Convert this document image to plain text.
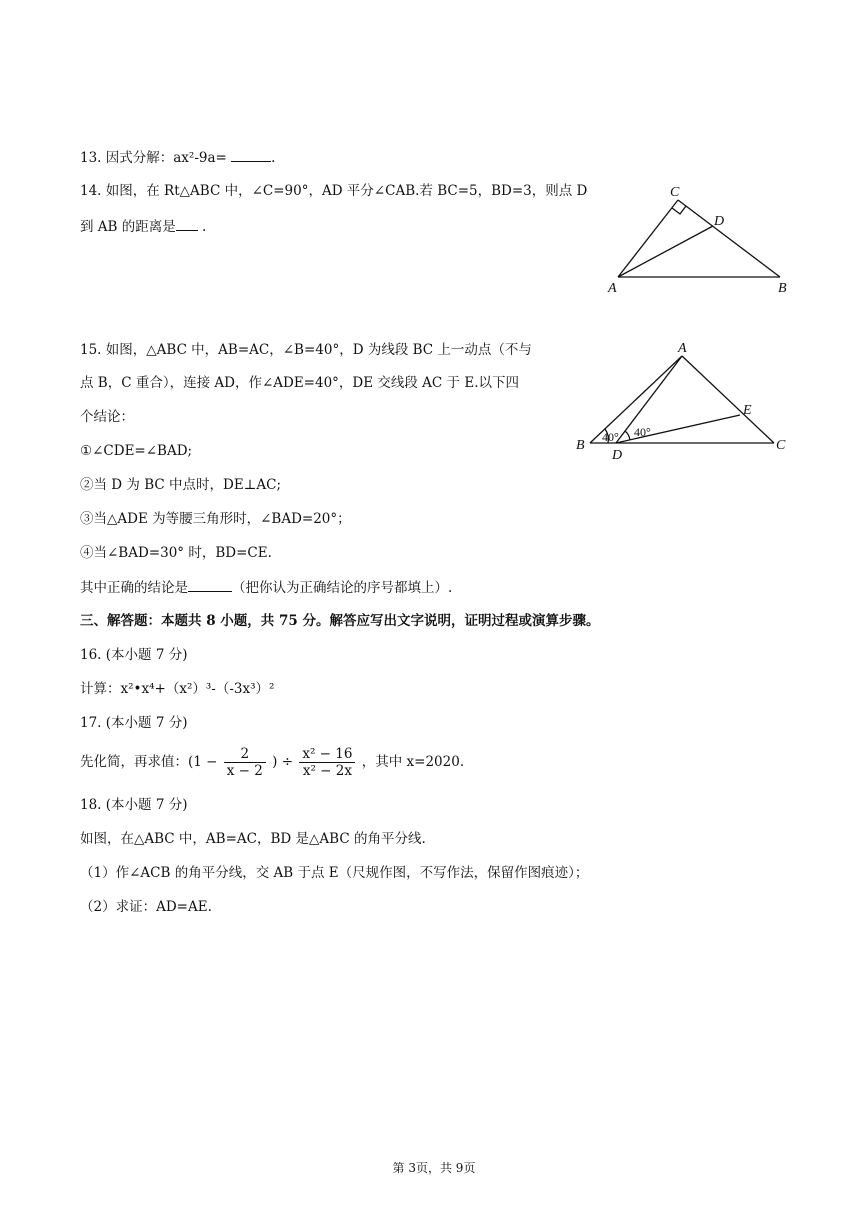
13. 因式分解：ax²-9a=	.
14. 如图，在 Rt△ABC 中，∠C=90°，AD 平分∠CAB.若 BC=5，BD=3，则点 D
到 AB 的距离是 .
C
D
A	B
15. 如图，△ABC 中，AB=AC，∠B=40°，D 为线段 BC 上一动点（不与
点 B，C 重合），连接 AD，作∠ADE=40°，DE 交线段 AC 于 E.以下四
个结论：
①∠CDE=∠BAD;
②当 D 为 BC 中点时，DE⊥AC;
③当△ADE 为等腰三角形时，∠BAD=20°；
④当∠BAD=30° 时，BD=CE.
其中正确的结论是	（把你认为正确结论的序号都填上）.
A
B	C
D
E
40° 40°
三、解答题：本题共 8 小题，共 75 分。解答应写出文字说明，证明过程或演算步骤。
16. (本小题 7 分)
计算：x²•x⁴+（x²）³-（-3x³）²
17. (本小题 7 分)
先化简，再求值：($1 - \frac{2}{x - 2}$ ) ÷ $\frac{\text{x² − 16}}{\text{x² − 2x}}$ ，其中 x=2020.
18. (本小题 7 分)
如图，在△ABC 中，AB=AC，BD 是△ABC 的角平分线.
（1）作∠ACB 的角平分线，交 AB 于点 E（尺规作图，不写作法，保留作图痕迹）；
（2）求证：AD=AE.
第 3页，共 9页
